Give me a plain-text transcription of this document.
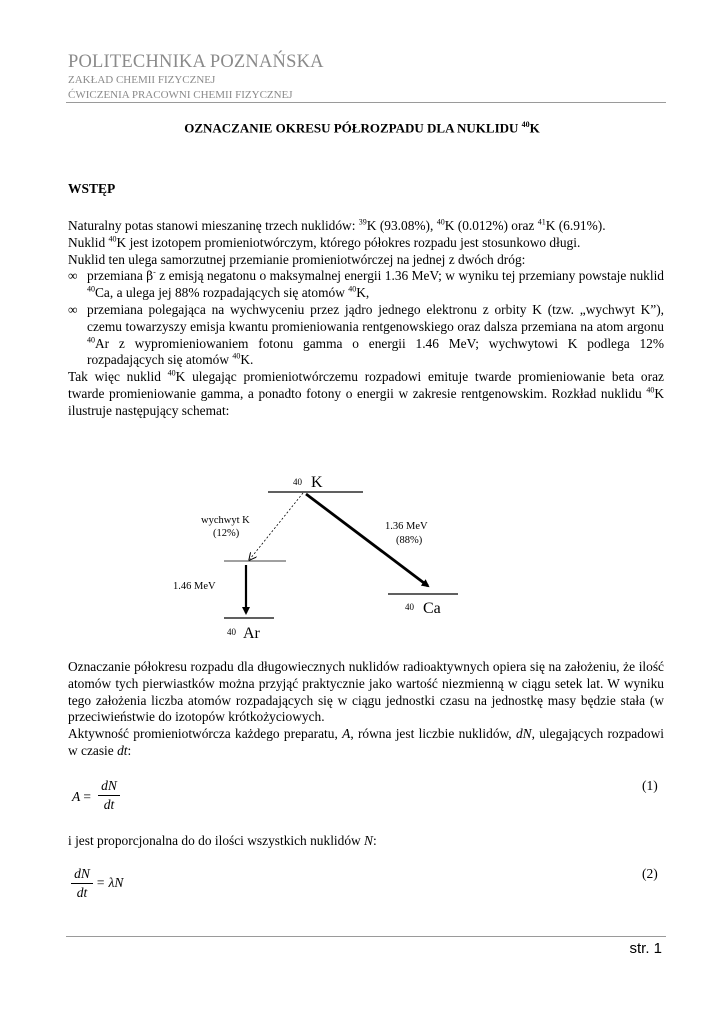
POLITECHNIKA POZNAŃSKA
ZAKŁAD CHEMII FIZYCZNEJ
ĆWICZENIA PRACOWNI CHEMII FIZYCZNEJ
OZNACZANIE OKRESU PÓŁROZPADU DLA NUKLIDU $^{40}$K
WSTĘP
Naturalny potas stanowi mieszaninę trzech nuklidów: $^{39}$K (93.08%), $^{40}$K (0.012%) oraz $^{41}$K (6.91%).
Nuklid $^{40}$K jest izotopem promieniotwórczym, którego półokres rozpadu jest stosunkowo długi.
Nuklid ten ulega samorzutnej przemianie promieniotwórczej na jednej z dwóch dróg:
∞ przemiana β- z emisją negatonu o maksymalnej energii 1.36 MeV; w wyniku tej przemiany powstaje nuklid $^{40}$Ca, a ulega jej 88% rozpadających się atomów $^{40}$K,
∞ przemiana polegająca na wychwyceniu przez jądro jednego elektronu z orbity K (tzw. „wychwyt K”), czemu towarzyszy emisja kwantu promieniowania rentgenowskiego oraz dalsza przemiana na atom argonu $^{40}$Ar z wypromieniowaniem fotonu gamma o energii 1.46 MeV; wychwytowi K podlega 12% rozpadających się atomów $^{40}$K.
Tak więc nuklid $^{40}$K ulegając promieniotwórczemu rozpadowi emituje twarde promieniowanie beta oraz twarde promieniowanie gamma, a ponadto fotony o energii w zakresie rentgenowskim. Rozkład nuklidu $^{40}$K ilustruje następujący schemat:
40 K
wychwyt K
(12%)
1.46 MeV
40 Ar
1.36 MeV
(88%)
40 Ca
Oznaczanie półokresu rozpadu dla długowiecznych nuklidów radioaktywnych opiera się na założeniu, że ilość atomów tych pierwiastków można przyjąć praktycznie jako wartość niezmienną w ciągu setek lat. W wyniku tego założenia liczba atomów rozpadających się w ciągu jednostki czasu na jednostkę masy będzie stała (w przeciwieństwie do izotopów krótkożyciowych.
Aktywność promieniotwórcza każdego preparatu, A, równa jest liczbie nuklidów, dN, ulegających rozpadowi w czasie dt:
A =
dN
dt
(1)
i jest proporcjonalna do do ilości wszystkich nuklidów N:
dN
dt
= λN
(2)
str. 1
